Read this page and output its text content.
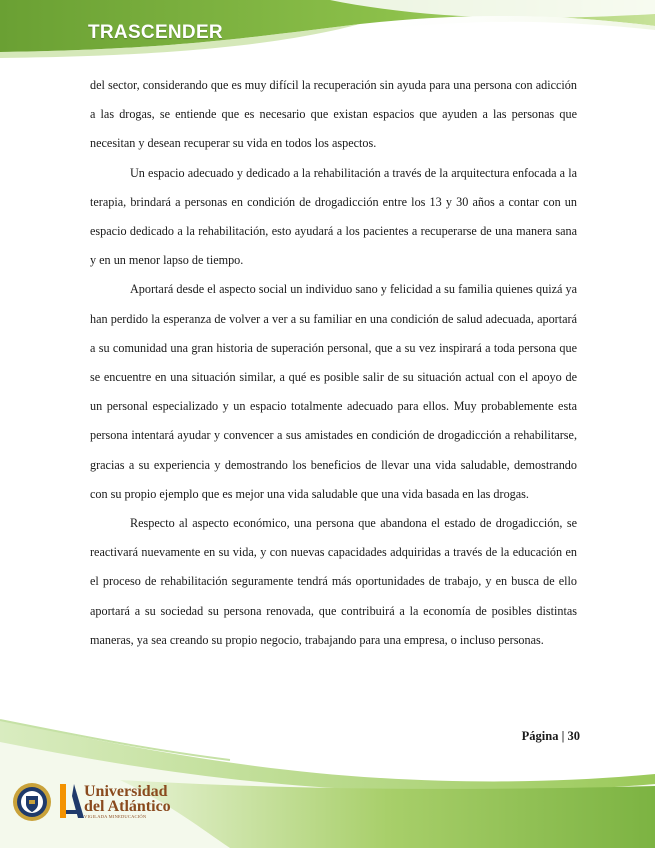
TRASCENDER

del sector, considerando que es muy difícil la recuperación sin ayuda para una persona con adicción a las drogas, se entiende que es necesario que existan espacios que ayuden a las personas que necesitan y desean recuperar su vida en todos los aspectos.

Un espacio adecuado y dedicado a la rehabilitación a través de la arquitectura enfocada a la terapia, brindará a personas en condición de drogadicción entre los 13 y 30 años a contar con un espacio dedicado a la rehabilitación, esto ayudará a los pacientes a recuperarse de una manera sana y en un menor lapso de tiempo.

Aportará desde el aspecto social un individuo sano y felicidad a su familia quienes quizá ya han perdido la esperanza de volver a ver a su familiar en una condición de salud adecuada, aportará a su comunidad una gran historia de superación personal, que a su vez inspirará a toda persona que se encuentre en una situación similar, a qué es posible salir de su situación actual con el apoyo de un personal especializado y un espacio totalmente adecuado para ellos. Muy probablemente esta persona intentará ayudar y convencer a sus amistades en condición de drogadicción a rehabilitarse, gracias a su experiencia y demostrando los beneficios de llevar una vida saludable, demostrando con su propio ejemplo que es mejor una vida saludable que una vida basada en las drogas.

Respecto al aspecto económico, una persona que abandona el estado de drogadicción, se reactivará nuevamente en su vida, y con nuevas capacidades adquiridas a través de la educación en el proceso de rehabilitación seguramente tendrá más oportunidades de trabajo, y en busca de ello aportará a su sociedad su persona renovada, que contribuirá a la economía de posibles distintas maneras, ya sea creando su propio negocio, trabajando para una empresa, o incluso personas.

Página | 30
Universidad
del Atlántico
VIGILADA MINEDUCACIÓN
